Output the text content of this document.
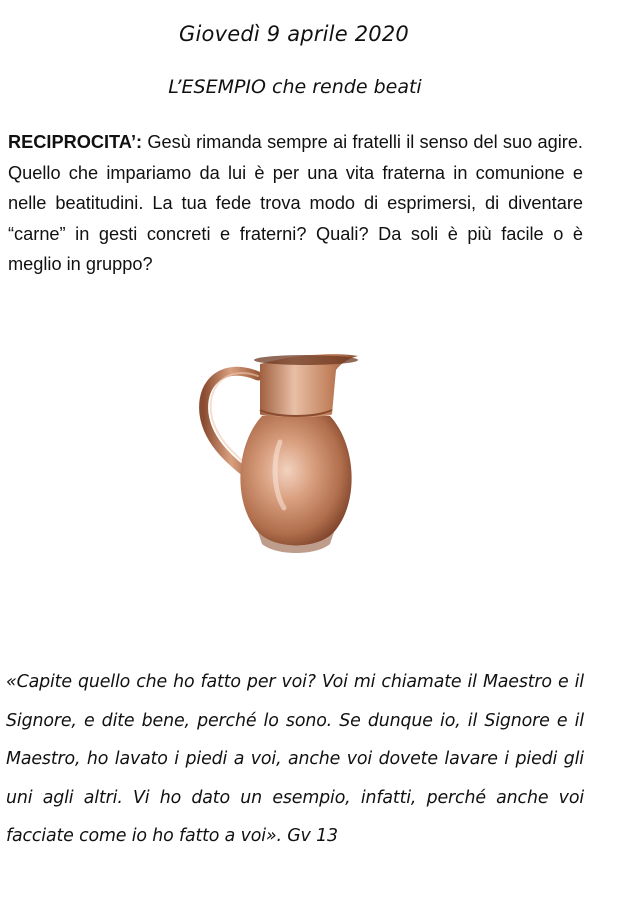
Giovedì 9 aprile 2020
L’ESEMPIO che rende beati

RECIPROCITA’: Gesù rimanda sempre ai fratelli il senso del suo agire. Quello che impariamo da lui è per una vita fraterna in comunione e nelle beatitudini. La tua fede trova modo di esprimersi, di diventare “carne” in gesti concreti e fraterni? Quali? Da soli è più facile o è meglio in gruppo?

«Capite quello che ho fatto per voi? Voi mi chiamate il Maestro e il Signore, e dite bene, perché lo sono. Se dunque io, il Signore e il Maestro, ho lavato i piedi a voi, anche voi dovete lavare i piedi gli uni agli altri. Vi ho dato un esempio, infatti, perché anche voi facciate come io ho fatto a voi». Gv 13
